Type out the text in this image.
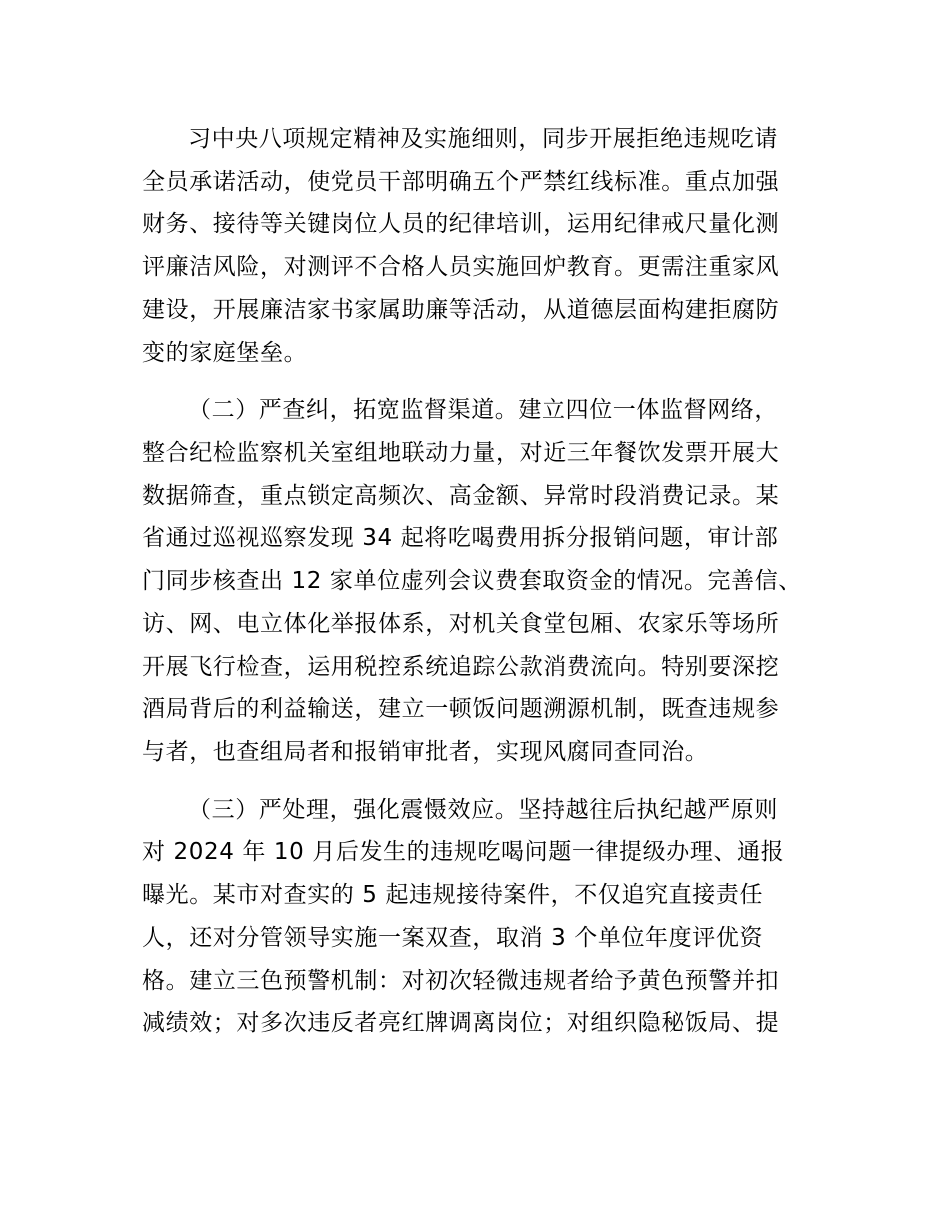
习中央八项规定精神及实施细则，同步开展拒绝违规吃请
全员承诺活动，使党员干部明确五个严禁红线标准。重点加强
财务、接待等关键岗位人员的纪律培训，运用纪律戒尺量化测
评廉洁风险，对测评不合格人员实施回炉教育。更需注重家风
建设，开展廉洁家书家属助廉等活动，从道德层面构建拒腐防
变的家庭堡垒。
（二）严查纠，拓宽监督渠道。建立四位一体监督网络，
整合纪检监察机关室组地联动力量，对近三年餐饮发票开展大
数据筛查，重点锁定高频次、高金额、异常时段消费记录。某
省通过巡视巡察发现 34 起将吃喝费用拆分报销问题，审计部
门同步核查出 12 家单位虚列会议费套取资金的情况。完善信、
访、网、电立体化举报体系，对机关食堂包厢、农家乐等场所
开展飞行检查，运用税控系统追踪公款消费流向。特别要深挖
酒局背后的利益输送，建立一顿饭问题溯源机制，既查违规参
与者，也查组局者和报销审批者，实现风腐同查同治。
（三）严处理，强化震慑效应。坚持越往后执纪越严原则
对 2024 年 10 月后发生的违规吃喝问题一律提级办理、通报
曝光。某市对查实的 5 起违规接待案件，不仅追究直接责任
人，还对分管领导实施一案双查，取消 3 个单位年度评优资
格。建立三色预警机制：对初次轻微违规者给予黄色预警并扣
减绩效；对多次违反者亮红牌调离岗位；对组织隐秘饭局、提
